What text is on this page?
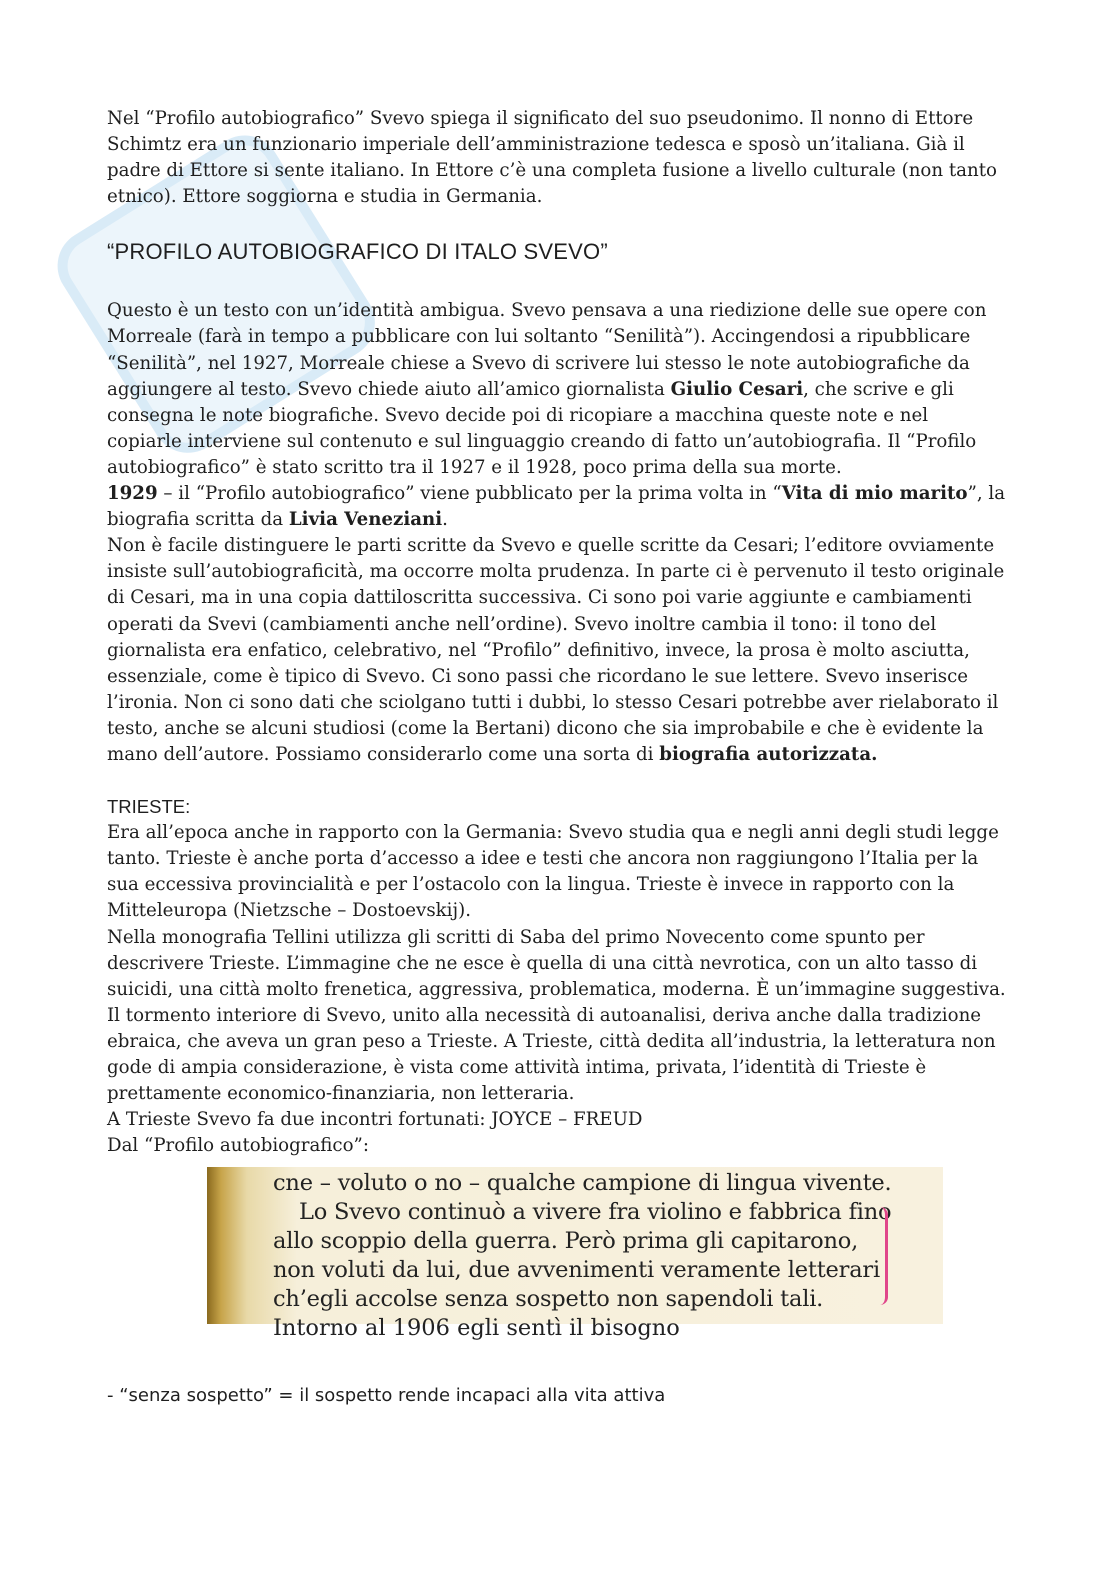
Nel “Profilo autobiografico” Svevo spiega il significato del suo pseudonimo. Il nonno di Ettore Schimtz era un funzionario imperiale dell’amministrazione tedesca e sposò un’italiana. Già il padre di Ettore si sente italiano. In Ettore c’è una completa fusione a livello culturale (non tanto etnico). Ettore soggiorna e studia in Germania.

“PROFILO AUTOBIOGRAFICO DI ITALO SVEVO”

Questo è un testo con un’identità ambigua. Svevo pensava a una riedizione delle sue opere con Morreale (farà in tempo a pubblicare con lui soltanto “Senilità”). Accingendosi a ripubblicare “Senilità”, nel 1927, Morreale chiese a Svevo di scrivere lui stesso le note autobiografiche da aggiungere al testo. Svevo chiede aiuto all’amico giornalista Giulio Cesari, che scrive e gli consegna le note biografiche. Svevo decide poi di ricopiare a macchina queste note e nel copiarle interviene sul contenuto e sul linguaggio creando di fatto un’autobiografia. Il “Profilo autobiografico” è stato scritto tra il 1927 e il 1928, poco prima della sua morte.

1929 – il “Profilo autobiografico” viene pubblicato per la prima volta in “Vita di mio marito”, la biografia scritta da Livia Veneziani.

Non è facile distinguere le parti scritte da Svevo e quelle scritte da Cesari; l’editore ovviamente insiste sull’autobiograficità, ma occorre molta prudenza. In parte ci è pervenuto il testo originale di Cesari, ma in una copia dattiloscritta successiva. Ci sono poi varie aggiunte e cambiamenti operati da Svevi (cambiamenti anche nell’ordine). Svevo inoltre cambia il tono: il tono del giornalista era enfatico, celebrativo, nel “Profilo” definitivo, invece, la prosa è molto asciutta, essenziale, come è tipico di Svevo. Ci sono passi che ricordano le sue lettere. Svevo inserisce l’ironia. Non ci sono dati che sciolgano tutti i dubbi, lo stesso Cesari potrebbe aver rielaborato il testo, anche se alcuni studiosi (come la Bertani) dicono che sia improbabile e che è evidente la mano dell’autore. Possiamo considerarlo come una sorta di biografia autorizzata.

TRIESTE:

Era all’epoca anche in rapporto con la Germania: Svevo studia qua e negli anni degli studi legge tanto. Trieste è anche porta d’accesso a idee e testi che ancora non raggiungono l’Italia per la sua eccessiva provincialità e per l’ostacolo con la lingua. Trieste è invece in rapporto con la Mitteleuropa (Nietzsche – Dostoevskij).

Nella monografia Tellini utilizza gli scritti di Saba del primo Novecento come spunto per descrivere Trieste. L’immagine che ne esce è quella di una città nevrotica, con un alto tasso di suicidi, una città molto frenetica, aggressiva, problematica, moderna. È un’immagine suggestiva.

Il tormento interiore di Svevo, unito alla necessità di autoanalisi, deriva anche dalla tradizione ebraica, che aveva un gran peso a Trieste. A Trieste, città dedita all’industria, la letteratura non gode di ampia considerazione, è vista come attività intima, privata, l’identità di Trieste è prettamente economico-finanziaria, non letteraria.

A Trieste Svevo fa due incontri fortunati: JOYCE – FREUD

Dal “Profilo autobiografico”:

cne – voluto o no – qualche campione di lingua vivente.

Lo Svevo continuò a vivere fra violino e fabbrica fino

allo scoppio della guerra. Però prima gli capitarono,

non voluti da lui, due avvenimenti veramente letterari

ch’egli accolse senza sospetto non sapendoli tali.

Intorno al 1906 egli sentì il bisogno
- “senza sospetto” = il sospetto rende incapaci alla vita attiva
